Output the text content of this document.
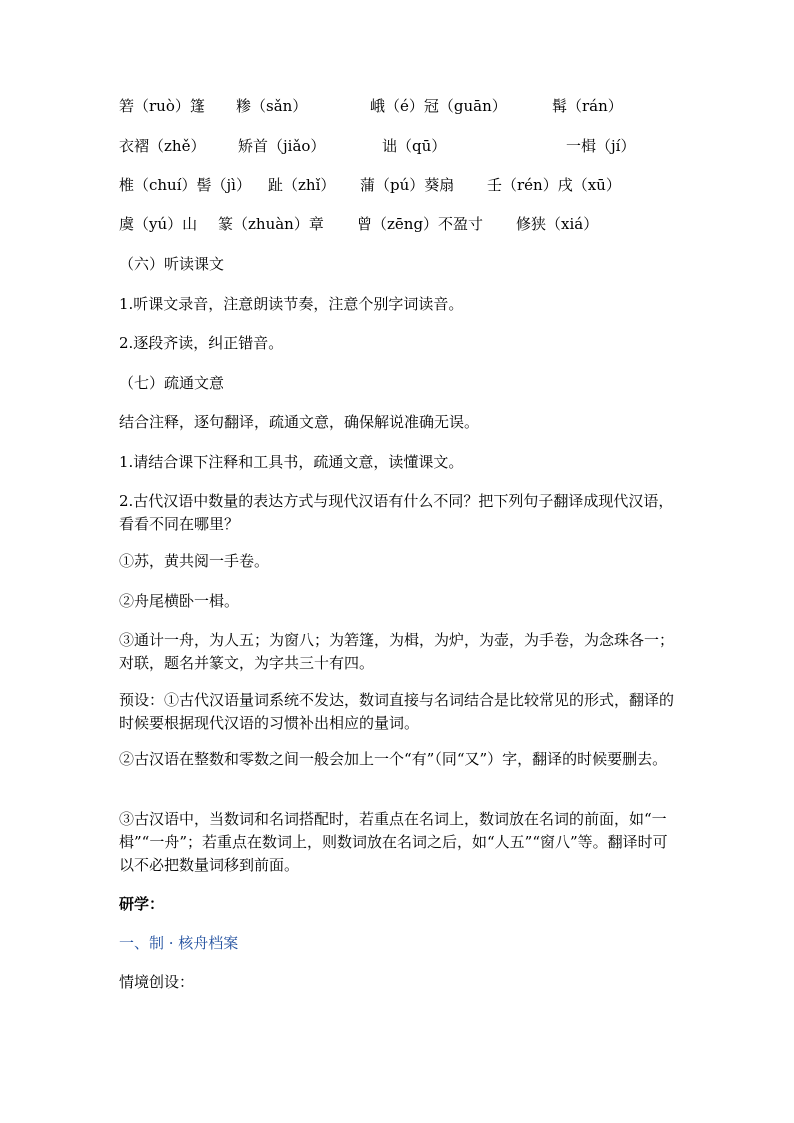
箬（ruò）篷 糁（sǎn）	峨（é）冠（guān）	髯（rán）
衣褶（zhě） 矫首（jiǎo）	诎（qū）	一楫（jí）
椎（chuí）髻（jì） 趾（zhǐ） 蒲（pú）葵扇 壬（rén）戌（xū）
虞（yú）山 篆（zhuàn）章 曾（zēng）不盈寸 修狭（xiá）
（六）听读课文
1.听课文录音，注意朗读节奏，注意个别字词读音。
2.逐段齐读，纠正错音。
（七）疏通文意
结合注释，逐句翻译，疏通文意，确保解说准确无误。
1.请结合课下注释和工具书，疏通文意，读懂课文。
2.古代汉语中数量的表达方式与现代汉语有什么不同？把下列句子翻译成现代汉语，看看不同在哪里？
①苏，黄共阅一手卷。
②舟尾横卧一楫。
③通计一舟，为人五；为窗八；为箬篷，为楫，为炉，为壶，为手卷，为念珠各一；对联，题名并篆文，为字共三十有四。
预设：①古代汉语量词系统不发达，数词直接与名词结合是比较常见的形式，翻译的时候要根据现代汉语的习惯补出相应的量词。
②古汉语在整数和零数之间一般会加上一个“有”（同“又”）字，翻译的时候要删去。
③古汉语中，当数词和名词搭配时，若重点在名词上，数词放在名词的前面，如“一楫”“一舟”；若重点在数词上，则数词放在名词之后，如“人五”“窗八”等。翻译时可以不必把数量词移到前面。
研学：
一、制 · 核舟档案
情境创设：
